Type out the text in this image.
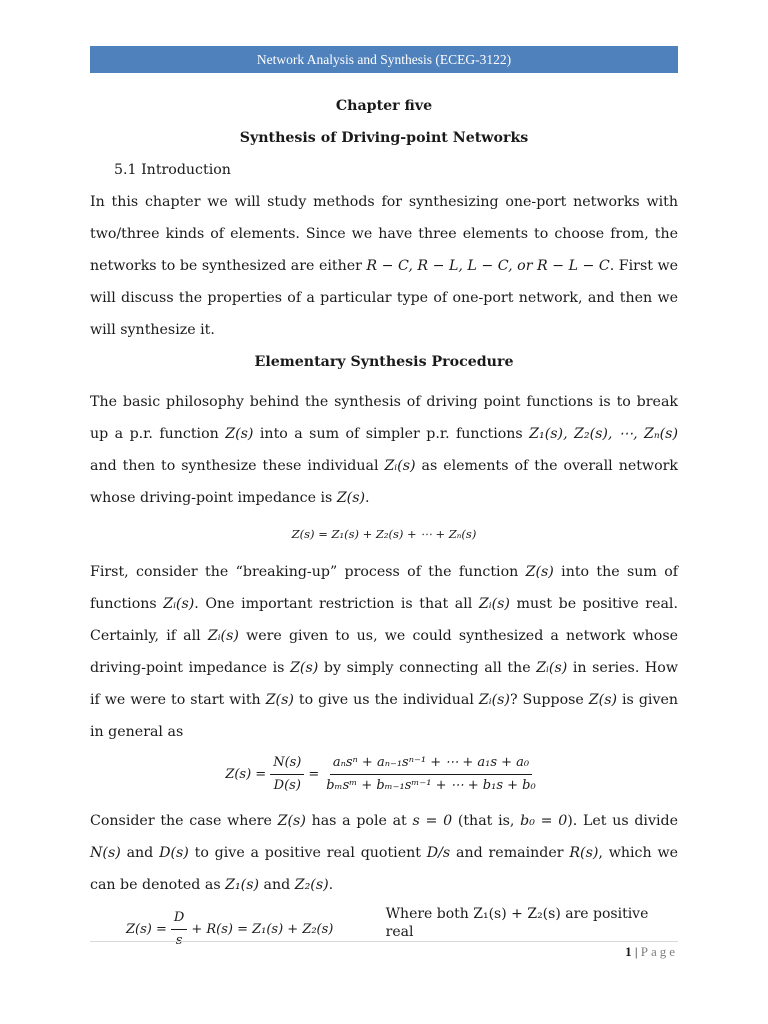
Network Analysis and Synthesis (ECEG-3122)
Chapter five
Synthesis of Driving-point Networks
5.1 Introduction
In this chapter we will study methods for synthesizing one-port networks with two/three kinds of elements. Since we have three elements to choose from, the networks to be synthesized are either R − C, R − L, L − C, or R − L − C. First we will discuss the properties of a particular type of one-port network, and then we will synthesize it.
Elementary Synthesis Procedure
The basic philosophy behind the synthesis of driving point functions is to break up a p.r. function Z(s) into a sum of simpler p.r. functions Z₁(s), Z₂(s), ⋯, Zₙ(s) and then to synthesize these individual Zᵢ(s) as elements of the overall network whose driving-point impedance is Z(s).
Z(s) = Z₁(s) + Z₂(s) + ⋯ + Zₙ(s)
First, consider the “breaking-up” process of the function Z(s) into the sum of functions Zᵢ(s). One important restriction is that all Zᵢ(s) must be positive real. Certainly, if all Zᵢ(s) were given to us, we could synthesized a network whose driving-point impedance is Z(s) by simply connecting all the Zᵢ(s) in series. How if we were to start with Z(s) to give us the individual Zᵢ(s)? Suppose Z(s) is given in general as
$Z(s) = \frac{N(s)}{D(s)} = \frac{\text{aₙsⁿ + aₙ₋₁sⁿ⁻¹ + ⋯ + a₁s + a₀}}{\text{bₘsᵐ + bₘ₋₁sᵐ⁻¹ + ⋯ + b₁s + b₀}}$
Consider the case where Z(s) has a pole at s = 0 (that is, b₀ = 0). Let us divide N(s) and D(s) to give a positive real quotient D/s and remainder R(s), which we can be denoted as Z₁(s) and Z₂(s).
Z(s) =
D
+ R(s) = Z₁(s) + Z₂(s)
Where both Z₁(s) + Z₂(s) are positive real
1 | Page
